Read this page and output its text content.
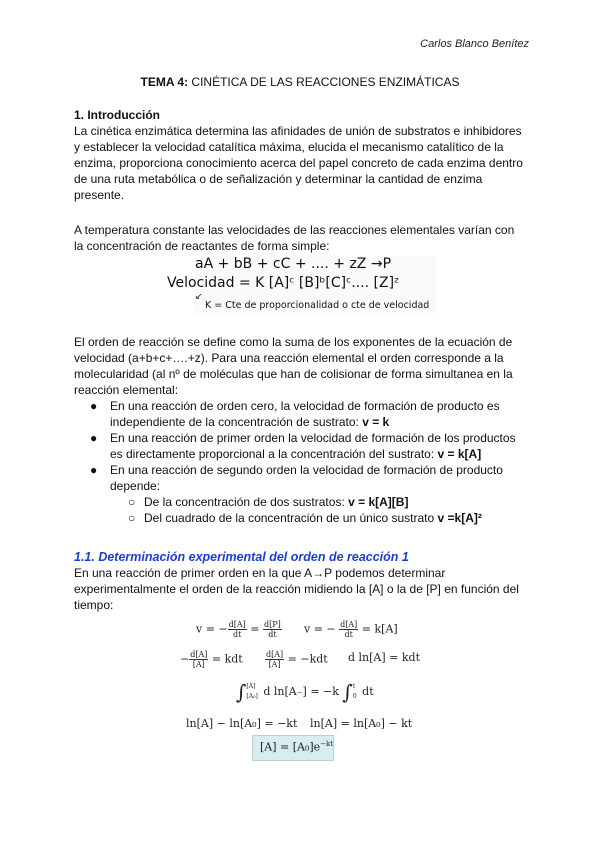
Carlos Blanco Benítez
TEMA 4: CINÉTICA DE LAS REACCIONES ENZIMÁTICAS
1. Introducción
La cinética enzimática determina las afinidades de unión de substratos e inhibidores
y establecer la velocidad catalítica máxima, elucida el mecanismo catalítico de la
enzima, proporciona conocimiento acerca del papel concreto de cada enzima dentro
de una ruta metabólica o de señalización y determinar la cantidad de enzima
presente.
A temperatura constante las velocidades de las reacciones elementales varían con
la concentración de reactantes de forma simple:
aA + bB + cC + .... + zZ →P
Velocidad = K [A]ᶜ [B]ᵇ[C]ᶜ.... [Z]ᶻ
↙
K = Cte de proporcionalidad o cte de velocidad
El orden de reacción se define como la suma de los exponentes de la ecuación de
velocidad (a+b+c+….+z). Para una reacción elemental el orden corresponde a la
molecularidad (al nº de moléculas que han de colisionar de forma simultanea en la
reacción elemental:
● En una reacción de orden cero, la velocidad de formación de producto es
independiente de la concentración de sustrato: v = k
● En una reacción de primer orden la velocidad de formación de los productos
es directamente proporcional a la concentración del sustrato: v = k[A]
● En una reacción de segundo orden la velocidad de formación de producto
depende:
○ De la concentración de dos sustratos: v = k[A][B]
○ Del cuadrado de la concentración de un único sustrato v =k[A]²
1.1. Determinación experimental del orden de reacción 1
En una reacción de primer orden en la que A→P podemos determinar
experimentalmente el orden de la reacción midiendo la [A] o la de [P] en función del
tiempo:
v = − $\frac{d[A]}{dt} = \frac{d[P]}{dt}$ v = − $\frac{d[A]}{dt} = k[A]$
− $\frac{d[A]}{[A]}$ = kdt	$\frac{d[A]}{[A]} = -kdt$ d ln[A] = kdt
∫ [A]
[A₀] d ln[A₋] = −k ∫ t
0 dt
ln[A] − ln[A₀] = −kt ln[A] = ln[A₀] − kt
$[A] = [A_0]e^{-kt}$
